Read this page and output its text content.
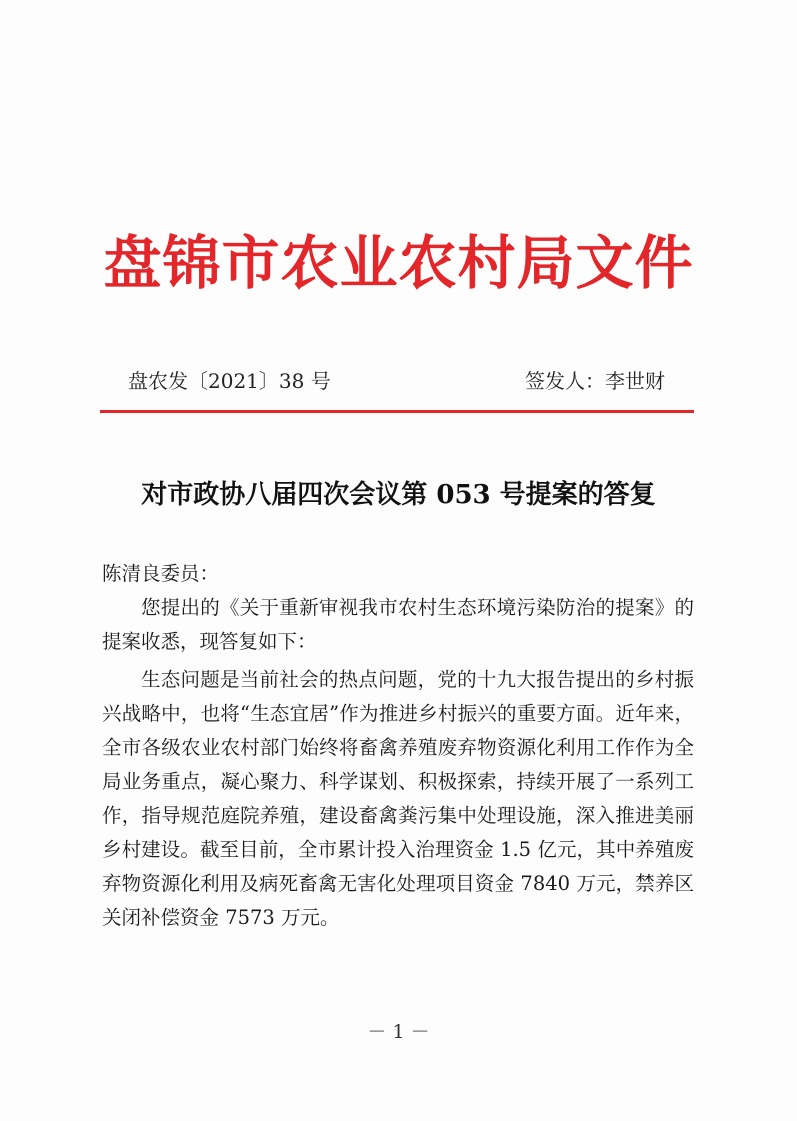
盘锦市农业农村局文件
盘农发〔2021〕38 号	签发人：李世财
对市政协八届四次会议第 053 号提案的答复

陈清良委员：

您提出的《关于重新审视我市农村生态环境污染防治的提案》的提案收悉，现答复如下：

生态问题是当前社会的热点问题，党的十九大报告提出的乡村振兴战略中，也将“生态宜居”作为推进乡村振兴的重要方面。近年来，全市各级农业农村部门始终将畜禽养殖废弃物资源化利用工作作为全局业务重点，凝心聚力、科学谋划、积极探索，持续开展了一系列工作，指导规范庭院养殖，建设畜禽粪污集中处理设施，深入推进美丽乡村建设。截至目前，全市累计投入治理资金 1.5 亿元，其中养殖废弃物资源化利用及病死畜禽无害化处理项目资金 7840 万元，禁养区关闭补偿资金 7573 万元。

－ 1 －
